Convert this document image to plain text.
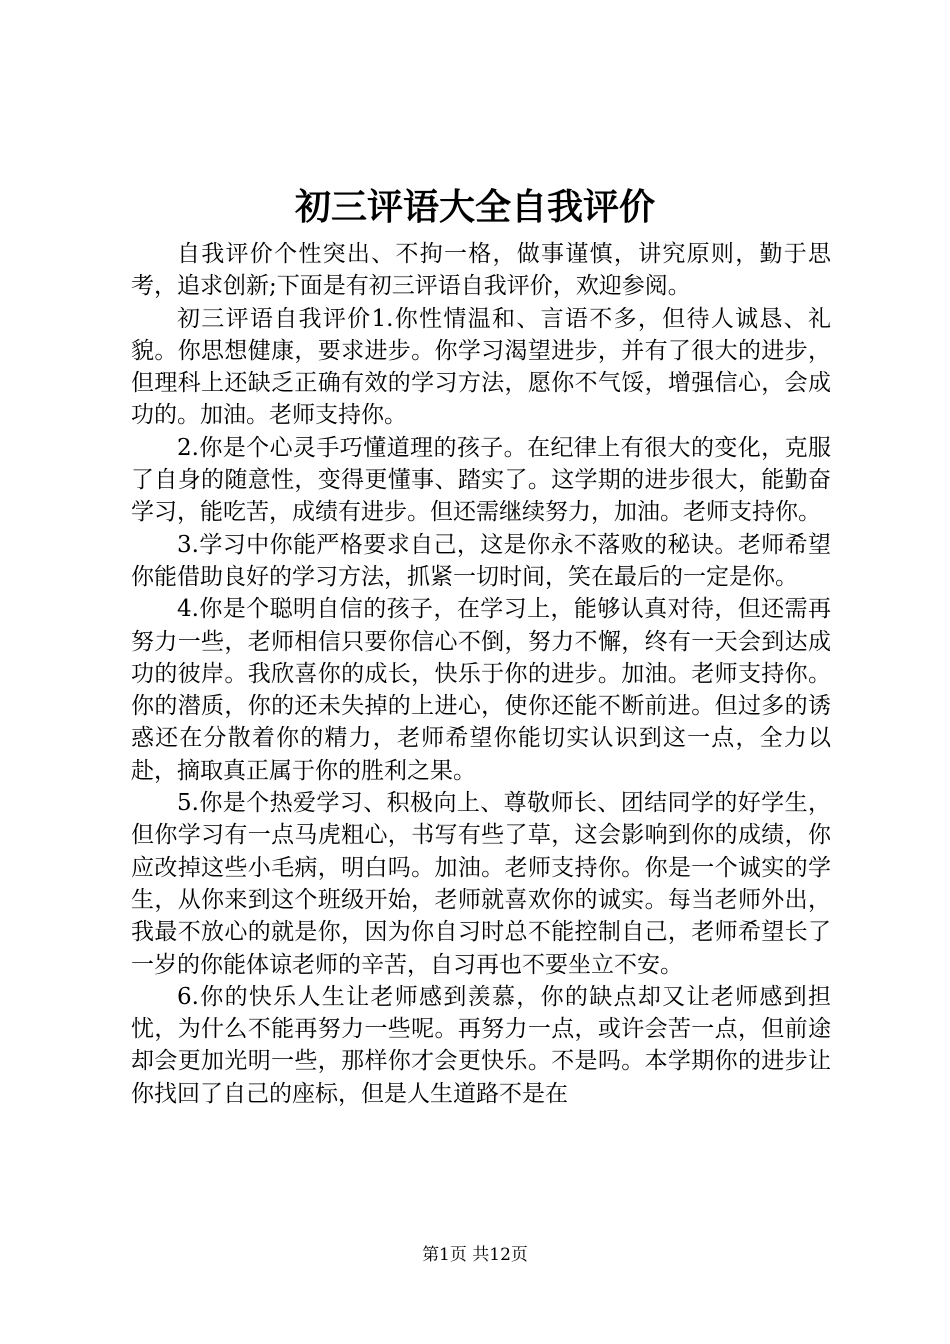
初三评语大全自我评价

自我评价个性突出、不拘一格，做事谨慎，讲究原则，勤于思考，追求创新;下面是有初三评语自我评价，欢迎参阅。

初三评语自我评价1.你性情温和、言语不多，但待人诚恳、礼貌。你思想健康，要求进步。你学习渴望进步，并有了很大的进步，但理科上还缺乏正确有效的学习方法，愿你不气馁，增强信心，会成功的。加油。老师支持你。

2.你是个心灵手巧懂道理的孩子。在纪律上有很大的变化，克服了自身的随意性，变得更懂事、踏实了。这学期的进步很大，能勤奋学习，能吃苦，成绩有进步。但还需继续努力，加油。老师支持你。

3.学习中你能严格要求自己，这是你永不落败的秘诀。老师希望你能借助良好的学习方法，抓紧一切时间，笑在最后的一定是你。

4.你是个聪明自信的孩子，在学习上，能够认真对待，但还需再努力一些，老师相信只要你信心不倒，努力不懈，终有一天会到达成功的彼岸。我欣喜你的成长，快乐于你的进步。加油。老师支持你。你的潜质，你的还未失掉的上进心，使你还能不断前进。但过多的诱惑还在分散着你的精力，老师希望你能切实认识到这一点，全力以赴，摘取真正属于你的胜利之果。

5.你是个热爱学习、积极向上、尊敬师长、团结同学的好学生，但你学习有一点马虎粗心，书写有些了草，这会影响到你的成绩，你应改掉这些小毛病，明白吗。加油。老师支持你。你是一个诚实的学生，从你来到这个班级开始，老师就喜欢你的诚实。每当老师外出，我最不放心的就是你，因为你自习时总不能控制自己，老师希望长了一岁的你能体谅老师的辛苦，自习再也不要坐立不安。

6.你的快乐人生让老师感到羡慕，你的缺点却又让老师感到担忧，为什么不能再努力一些呢。再努力一点，或许会苦一点，但前途却会更加光明一些，那样你才会更快乐。不是吗。本学期你的进步让你找回了自己的座标，但是人生道路不是在

第1页 共12页
